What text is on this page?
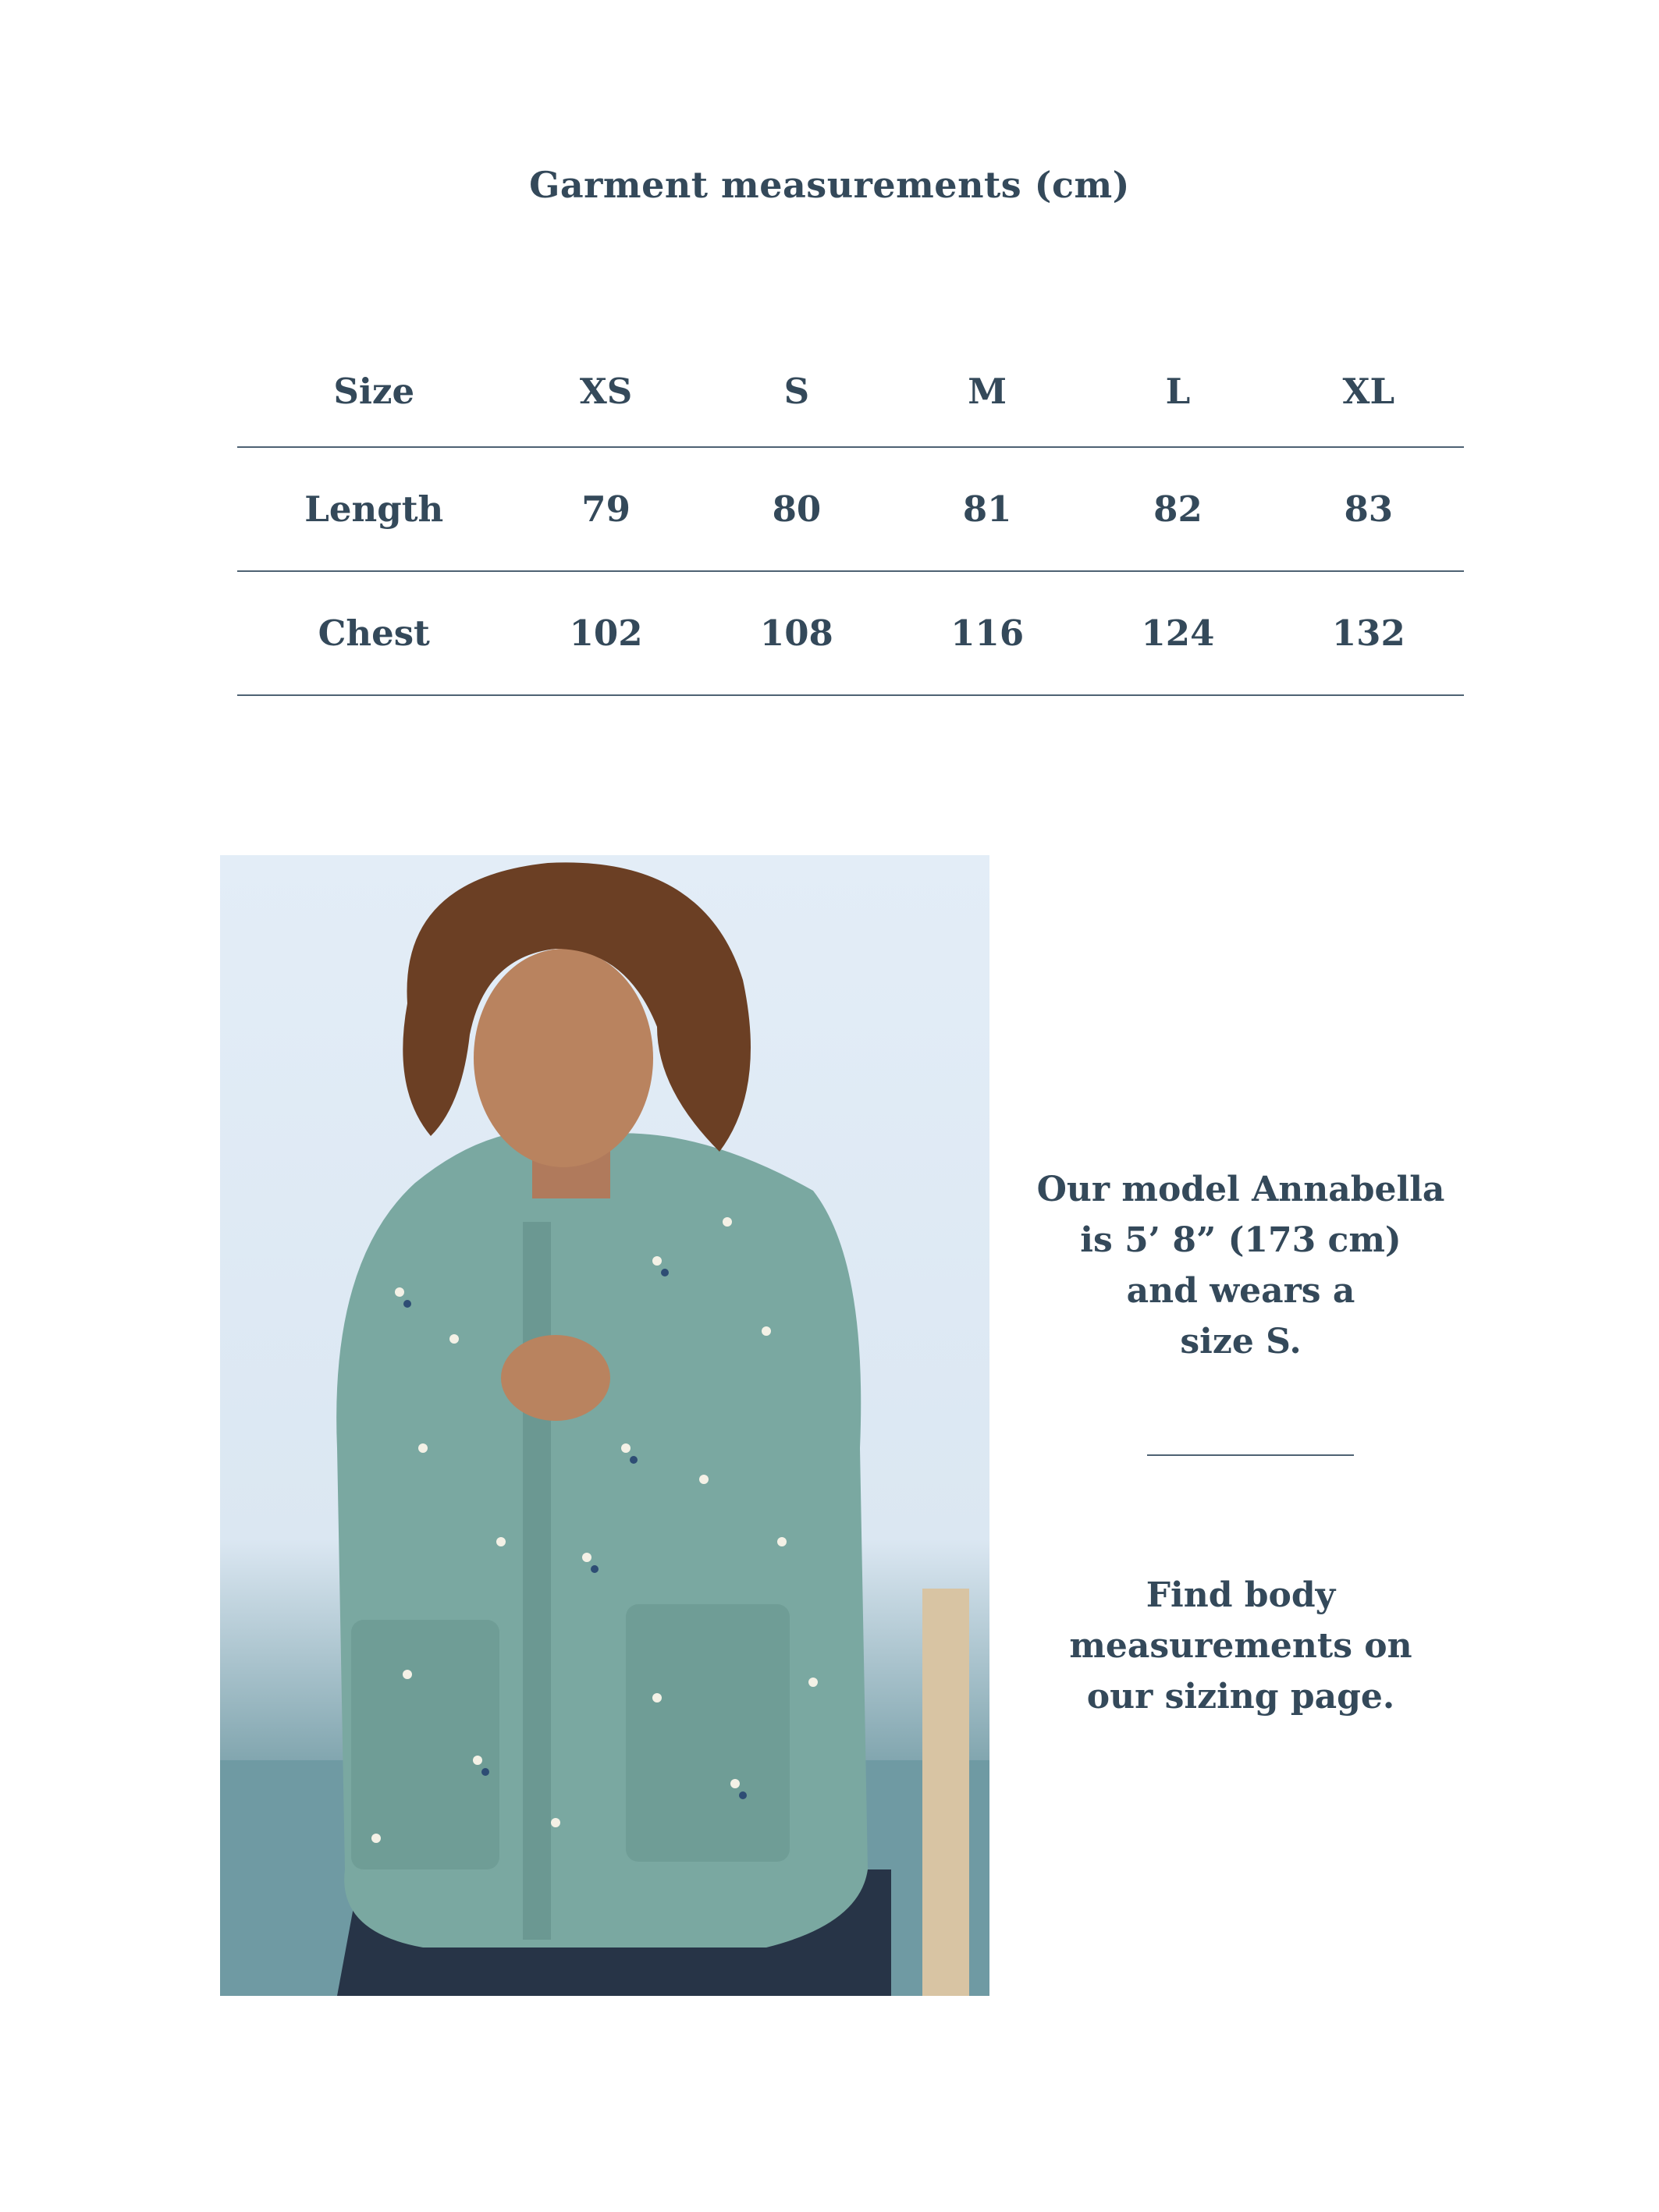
Garment measurements (cm)
Size	XS	S	M	L	XL
Length	79	80	81	82	83
Chest	102	108	116	124	132
Our model Annabella
is 5’ 8” (173 cm)
and wears a
size S.
Find body
measurements on
our sizing page.
